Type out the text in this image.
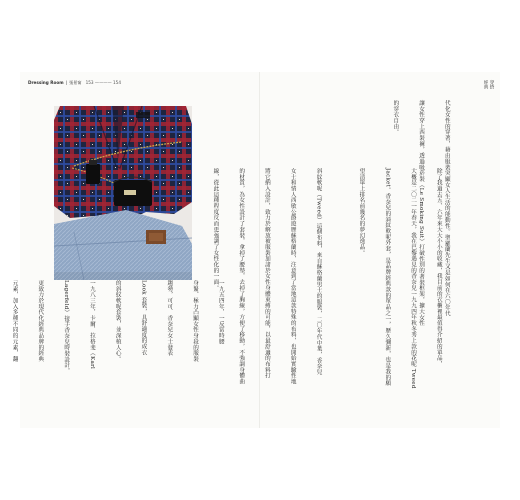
Dressing Room | 張景甯 153 ———— 154

一九五四年，一反當時腰

身緊、極力凸顯女性身段的服裝

趨勢，可可．香奈兒女士發表

Look 套裝，具舒適度的成衣

的斜紋軟呢套裝，並深植人心。

一九八三年，卡爾．拉格斐（Karl

Lagerfeld）接手香奈兒時裝設計，

更致力於現代化經典品牌的經典

元素，加入多種不同的元素，翻

穿搭
經典

代化女性的穿著，藉由服裝突顯女人生活的能動性。聖羅蘭先生又是如何在六〇年代

讓女性穿上西裝褲，透過吸菸裝（Le Smoking Suit）打破性別的著裝框架，擴大女性

的穿衣自由。

除了我過去五、六年來大大小小的收藏，我目前的衣櫃裡最值得介紹的單品，

大概是二〇二一年春天，我在巴黎遇見的香奈兒一九九四年秋冬秀上款的花呢 Tweed

Jacket。香奈兒的斜紋軟呢外套，是品牌經典款的單品之一，歷久彌新，也是我的願

望清單上排名前幾名的夢幻逸品。

斜紋軟呢（Tweed）這個布料，來自蘇格蘭男士的服裝，二〇年代中葉，香奈兒

女士和情人西敏公爵遊歷蘇格蘭時，注意到了當地這款特殊的布料，也開始實驗性地

將它納入設計，致力於解放被服裝加諸於女性身體束縛的可能，以最舒適的布料打

的材質，為女性設計了套裝，拿掉了腰墊，去掉了胸線，方便了移動，不強調身體曲

線，從此這種程度反而更強調了女性化的一面。
